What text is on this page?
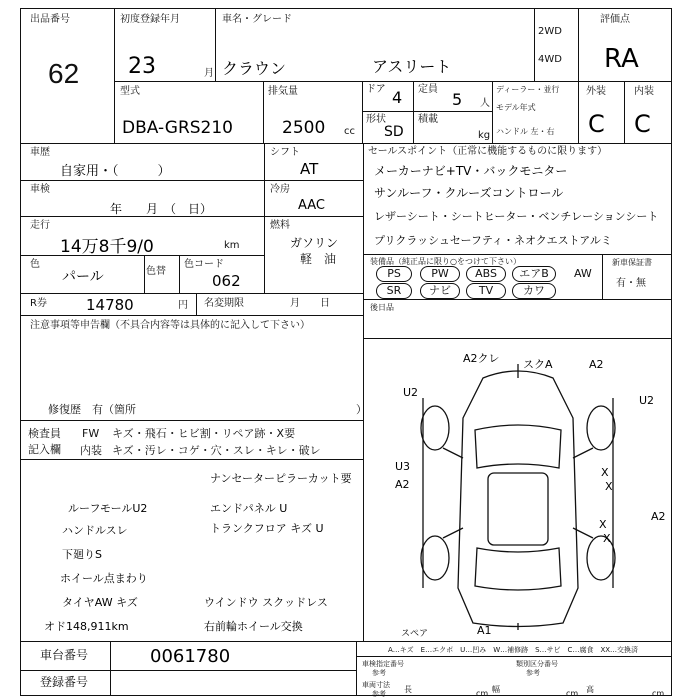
出品番号
62
初度登録年月
23	月
車名・グレード
クラウン	アスリート
2WD
4WD
評価点
RA
型式
DBA-GRS210
排気量
2500 cc
ドア 4 定員
5 人
形状
SD
積載
kg
ディーラー・並行
モデル年式
ハンドル 左・右
外装	内装
C C
車歴
自家用・（　　　）
シフト
AT
車検
年　　月　（　日）
冷房
AAC
走行
14万8千9/0	km
燃料
ガソリン
軽　油
色
パール	色替
色コード
062
R券	14780	円 名変期限	月　　日
セールスポイント（正常に機能するものに限ります）
メーカーナビ+TV・バックモニター
サンルーフ・クルーズコントロール
レザーシート・シートヒーター・ベンチレーションシート
プリクラッシュセーフティ・ネオクエストアルミ
装備品（純正品に限り○をつけて下さい）
PS	PW	ABS	エアB	AW
SR	ナビ	TV	カワ
新車保証書
有・無
後日品
注意事項等申告欄（不具合内容等は具体的に記入して下さい）
修復歴　有（箇所	）
検査員
記入欄
FW キズ・飛石・ヒビ割・リペア跡・X要
内装 キズ・汚レ・コゲ・穴・スレ・キレ・破レ
ナンセーターピラーカット要
ルーフモールU2	エンドパネル U
ハンドルスレ	トランクフロア キズ U
下廻りS
ホイール点まわり
タイヤAW キズ	ウインドウ スクッドレス
オド148,911km	右前輪ホイール交換
A2クレ スクA	A2
U2
U2
U3
A2
X
X
X
X
A2
A1
スペア
A…キズ　E…エクボ　U…凹み　W…補修跡　S…サビ　C…腐食　XX…交換済
車台番号	0061780
登録番号
車検指定番号
参考
類別区分番号
参考
車両寸法
参考 長	cm 幅	cm 高	cm
